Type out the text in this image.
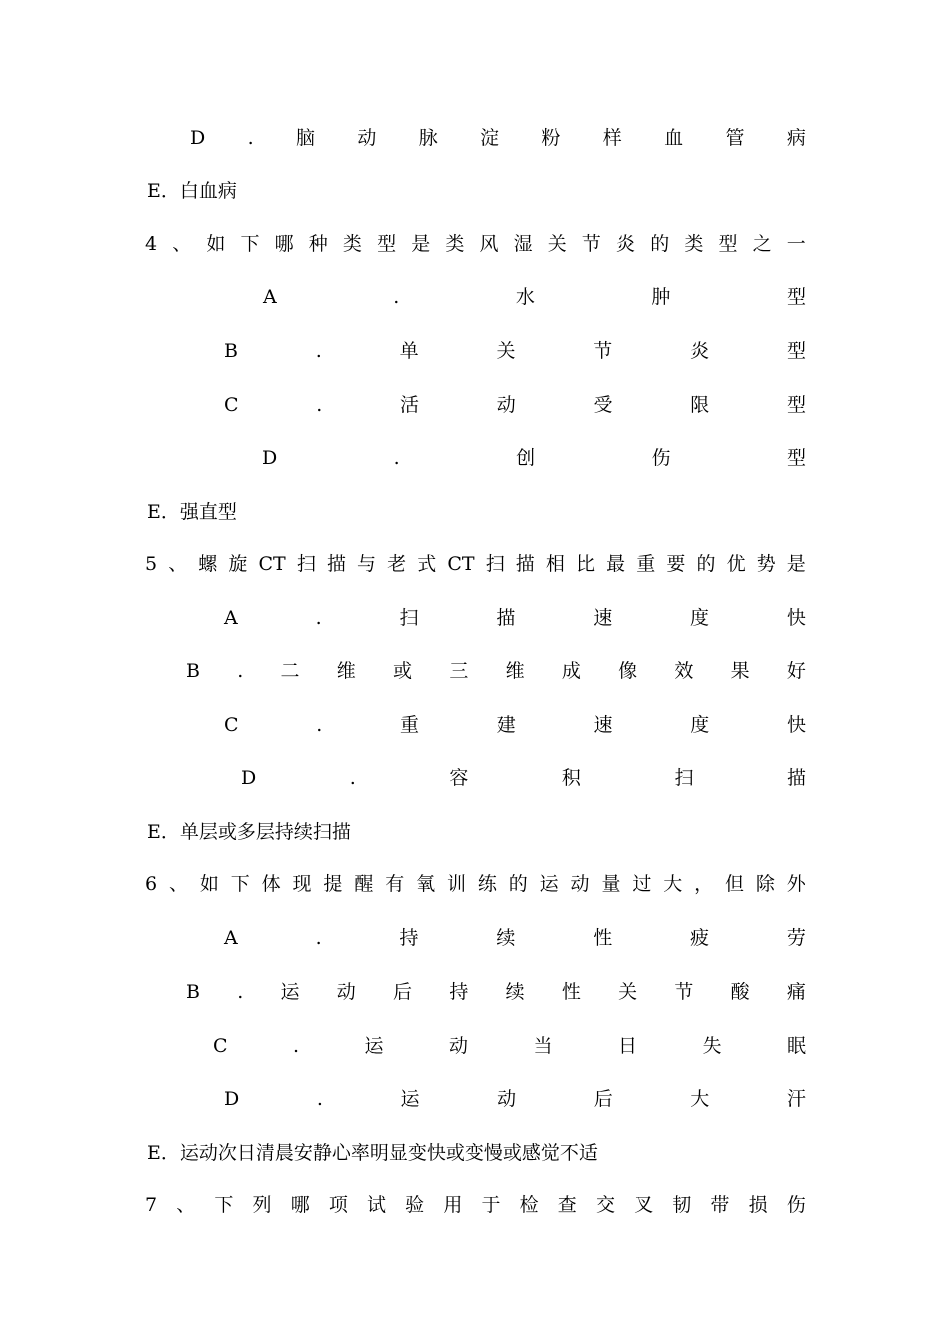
D . 脑 动 脉 淀 粉 样 血 管 病
E．白血病
4 、 如 下 哪 种 类 型 是 类 风 湿 关 节 炎 的 类 型 之 一
A	.	水	肿	型
B	.	单	关	节	炎	型
C	.	活	动	受	限	型
D	.	创	伤	型
E．强直型
5 、 螺 旋 CT 扫 描 与 老 式 CT 扫 描 相 比 最 重 要 的 优 势 是
A	.	扫	描	速	度	快
B . 二 维 或 三 维 成 像 效 果 好
C	.	重	建	速	度	快
D	.	容	积	扫	描
E．单层或多层持续扫描
6 、 如 下 体 现 提 醒 有 氧 训 练 的 运 动 量 过 大 ， 但 除 外
A	.	持	续	性	疲	劳
B . 运 动 后 持 续 性 关 节 酸 痛
C	.	运	动	当	日	失	眠
D	.	运	动	后	大	汗
E．运动次日清晨安静心率明显变快或变慢或感觉不适
7 、 下 列 哪 项 试 验 用 于 检 查 交 叉 韧 带 损 伤
